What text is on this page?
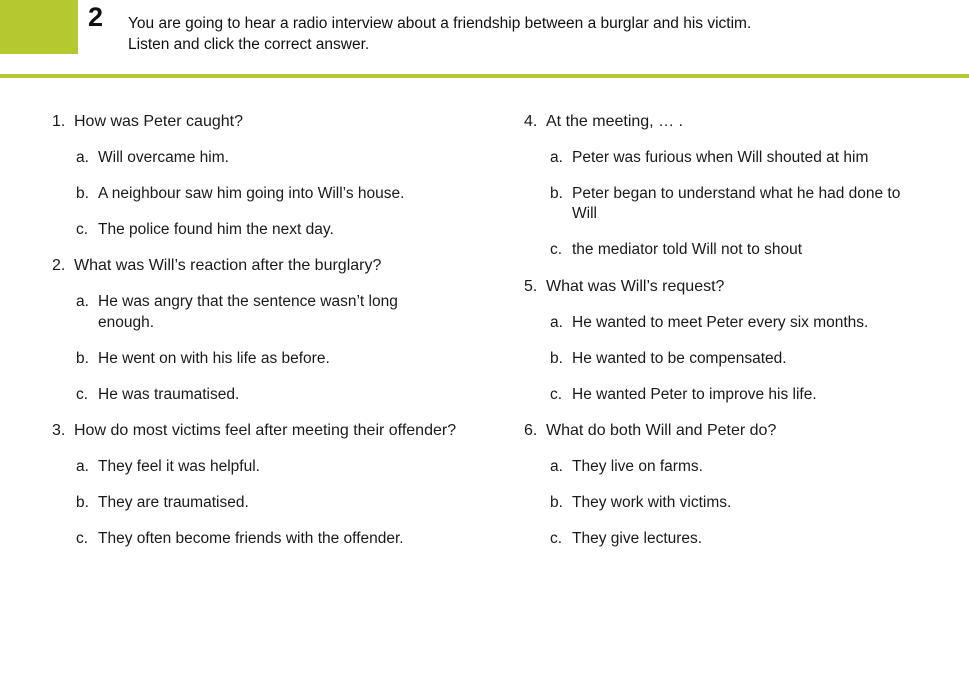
2 You are going to hear a radio interview about a friendship between a burglar and his victim.
Listen and click the correct answer.
1. How was Peter caught?
a. Will overcame him.
b. A neighbour saw him going into Will’s house.
c. The police found him the next day.
2. What was Will’s reaction after the burglary?
a. He was angry that the sentence wasn’t long enough.
b. He went on with his life as before.
c. He was traumatised.
3. How do most victims feel after meeting their offender?
a. They feel it was helpful.
b. They are traumatised.
c. They often become friends with the offender.
4. At the meeting, … .
a. Peter was furious when Will shouted at him
b. Peter began to understand what he had done to Will
c. the mediator told Will not to shout
5. What was Will’s request?
a. He wanted to meet Peter every six months.
b. He wanted to be compensated.
c. He wanted Peter to improve his life.
6. What do both Will and Peter do?
a. They live on farms.
b. They work with victims.
c. They give lectures.
